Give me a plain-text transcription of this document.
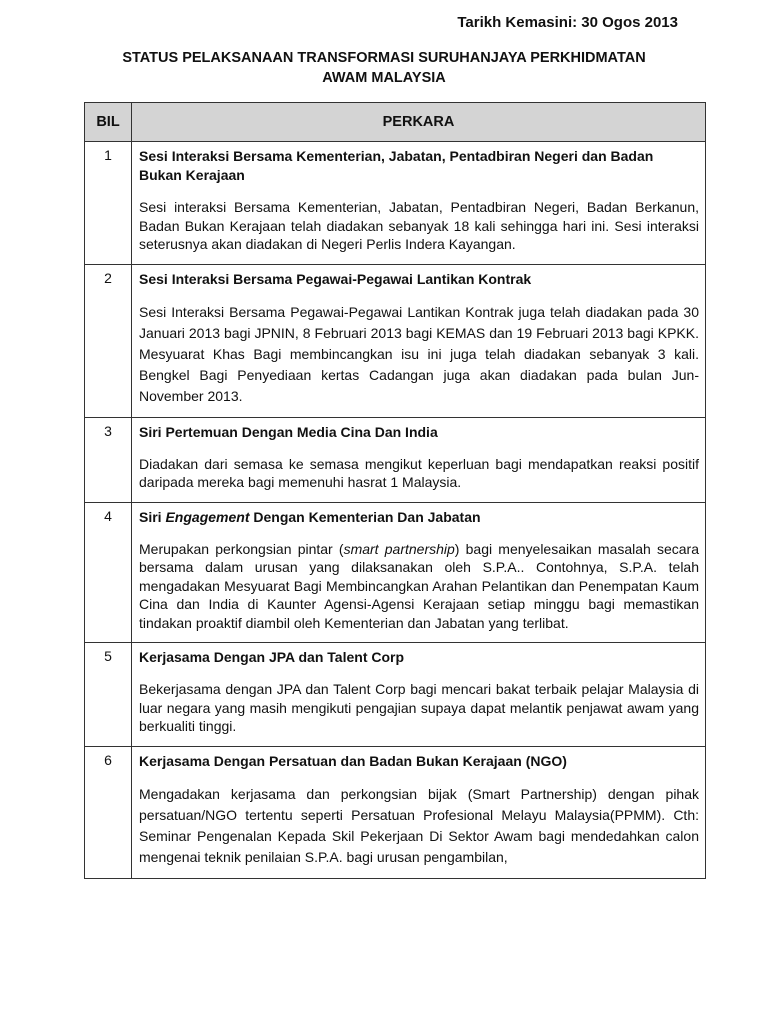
Tarikh Kemasini: 30 Ogos 2013
STATUS PELAKSANAAN TRANSFORMASI SURUHANJAYA PERKHIDMATAN
AWAM MALAYSIA
BIL	PERKARA
1	Sesi Interaksi Bersama Kementerian, Jabatan, Pentadbiran Negeri dan Badan Bukan Kerajaan
Sesi interaksi Bersama Kementerian, Jabatan, Pentadbiran Negeri, Badan Berkanun, Badan Bukan Kerajaan telah diadakan sebanyak 18 kali sehingga hari ini. Sesi interaksi seterusnya akan diadakan di Negeri Perlis Indera Kayangan.

2	Sesi Interaksi Bersama Pegawai-Pegawai Lantikan Kontrak
Sesi Interaksi Bersama Pegawai-Pegawai Lantikan Kontrak juga telah diadakan pada 30 Januari 2013 bagi JPNIN, 8 Februari 2013 bagi KEMAS dan 19 Februari 2013 bagi KPKK. Mesyuarat Khas Bagi membincangkan isu ini juga telah diadakan sebanyak 3 kali. Bengkel Bagi Penyediaan kertas Cadangan juga akan diadakan pada bulan Jun-November 2013.

3	Siri Pertemuan Dengan Media Cina Dan India
Diadakan dari semasa ke semasa mengikut keperluan bagi mendapatkan reaksi positif daripada mereka bagi memenuhi hasrat 1 Malaysia.

4	Siri Engagement Dengan Kementerian Dan Jabatan
Merupakan perkongsian pintar (smart partnership) bagi menyelesaikan masalah secara bersama dalam urusan yang dilaksanakan oleh S.P.A.. Contohnya, S.P.A. telah mengadakan Mesyuarat Bagi Membincangkan Arahan Pelantikan dan Penempatan Kaum Cina dan India di Kaunter Agensi-Agensi Kerajaan setiap minggu bagi memastikan tindakan proaktif diambil oleh Kementerian dan Jabatan yang terlibat.

5	Kerjasama Dengan JPA dan Talent Corp
Bekerjasama dengan JPA dan Talent Corp bagi mencari bakat terbaik pelajar Malaysia di luar negara yang masih mengikuti pengajian supaya dapat melantik penjawat awam yang berkualiti tinggi.

6	Kerjasama Dengan Persatuan dan Badan Bukan Kerajaan (NGO)
Mengadakan kerjasama dan perkongsian bijak (Smart Partnership) dengan pihak persatuan/NGO tertentu seperti Persatuan Profesional Melayu Malaysia(PPMM). Cth: Seminar Pengenalan Kepada Skil Pekerjaan Di Sektor Awam bagi mendedahkan calon mengenai teknik penilaian S.P.A. bagi urusan pengambilan,
